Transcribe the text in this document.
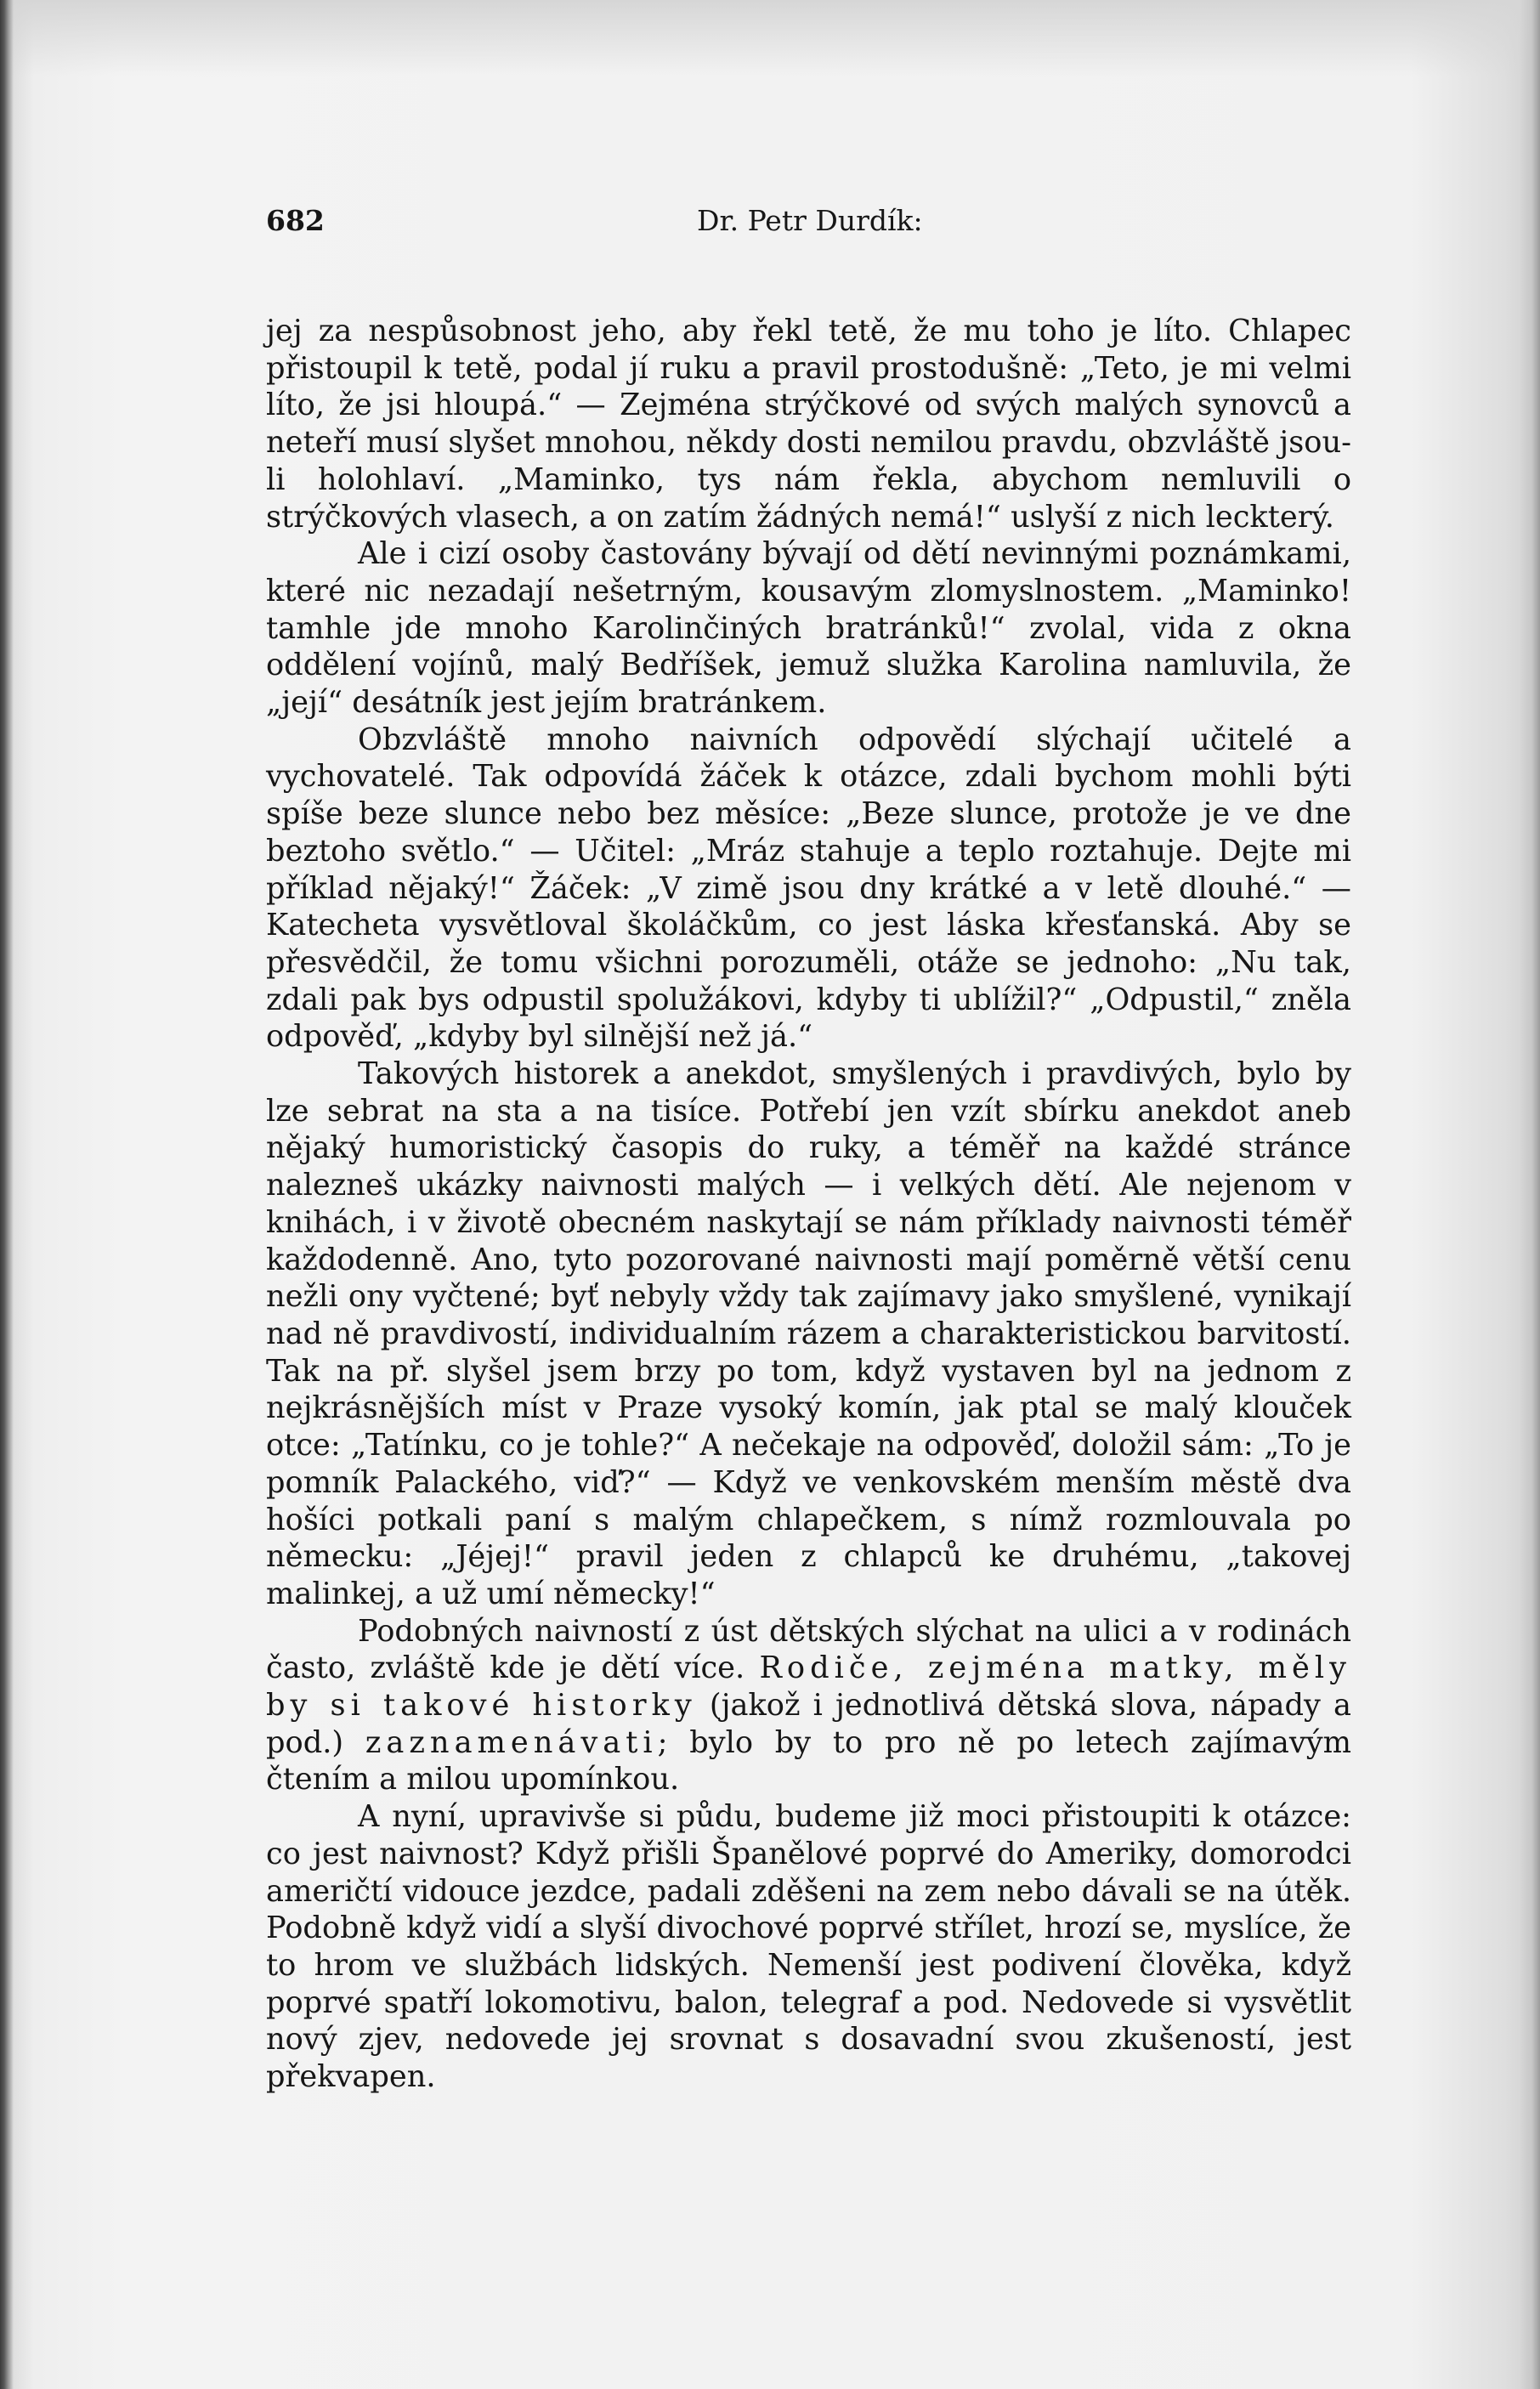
682	Dr. Petr Durdík:

jej za nespůsobnost jeho, aby řekl tetě, že mu toho je líto. Chlapec přistoupil k tetě, podal jí ruku a pravil prostodušně: „Teto, je mi velmi líto, že jsi hloupá.“ — Zejména strýčkové od svých malých synovců a neteří musí slyšet mnohou, někdy dosti nemilou pravdu, obzvláště jsou-li holohlaví. „Maminko, tys nám řekla, abychom nemluvili o strýčkových vlasech, a on zatím žádných nemá!“ uslyší z nich leckterý.

Ale i cizí osoby častovány bývají od dětí nevinnými poznámkami, které nic nezadají nešetrným, kousavým zlomyslnostem. „Maminko! tamhle jde mnoho Karolinčiných bratránků!“ zvolal, vida z okna oddělení vojínů, malý Bedříšek, jemuž služka Karolina namluvila, že „její“ desátník jest jejím bratránkem.

Obzvláště mnoho naivních odpovědí slýchají učitelé a vychovatelé. Tak odpovídá žáček k otázce, zdali bychom mohli býti spíše beze slunce nebo bez měsíce: „Beze slunce, protože je ve dne beztoho světlo.“ — Učitel: „Mráz stahuje a teplo roztahuje. Dejte mi příklad nějaký!“ Žáček: „V zimě jsou dny krátké a v letě dlouhé.“ — Katecheta vysvětloval školáčkům, co jest láska křesťanská. Aby se přesvědčil, že tomu všichni porozuměli, otáže se jednoho: „Nu tak, zdali pak bys odpustil spolužákovi, kdyby ti ublížil?“ „Odpustil,“ zněla odpověď, „kdyby byl silnější než já.“

Takových historek a anekdot, smyšlených i pravdivých, bylo by lze sebrat na sta a na tisíce. Potřebí jen vzít sbírku anekdot aneb nějaký humoristický časopis do ruky, a téměř na každé stránce nalezneš ukázky naivnosti malých — i velkých dětí. Ale nejenom v knihách, i v životě obecném naskytají se nám příklady naivnosti téměř každodenně. Ano, tyto pozorované naivnosti mají poměrně větší cenu nežli ony vyčtené; byť nebyly vždy tak zajímavy jako smyšlené, vynikají nad ně pravdivostí, individualním rázem a charakteristickou barvitostí. Tak na př. slyšel jsem brzy po tom, když vystaven byl na jednom z nejkrásnějších míst v Praze vysoký komín, jak ptal se malý klouček otce: „Tatínku, co je tohle?“ A nečekaje na odpověď, doložil sám: „To je pomník Palackého, viď?“ — Když ve venkovském menším městě dva hošíci potkali paní s malým chlapečkem, s nímž rozmlouvala po německu: „Jéjej!“ pravil jeden z chlapců ke druhému, „takovej malinkej, a už umí německy!“

Podobných naivností z úst dětských slýchat na ulici a v rodinách často, zvláště kde je dětí více. Rodiče, zejména matky, měly by si takové historky (jakož i jednotlivá dětská slova, nápady a pod.) zaznamenávati; bylo by to pro ně po letech zajímavým čtením a milou upomínkou.

A nyní, upravivše si půdu, budeme již moci přistoupiti k otázce: co jest naivnost? Když přišli Španělové poprvé do Ameriky, domorodci američtí vidouce jezdce, padali zděšeni na zem nebo dávali se na útěk. Podobně když vidí a slyší divochové poprvé střílet, hrozí se, myslíce, že to hrom ve službách lidských. Nemenší jest podivení člověka, když poprvé spatří lokomotivu, balon, telegraf a pod. Nedovede si vysvětlit nový zjev, nedovede jej srovnat s dosavadní svou zkušeností, jest překvapen.
